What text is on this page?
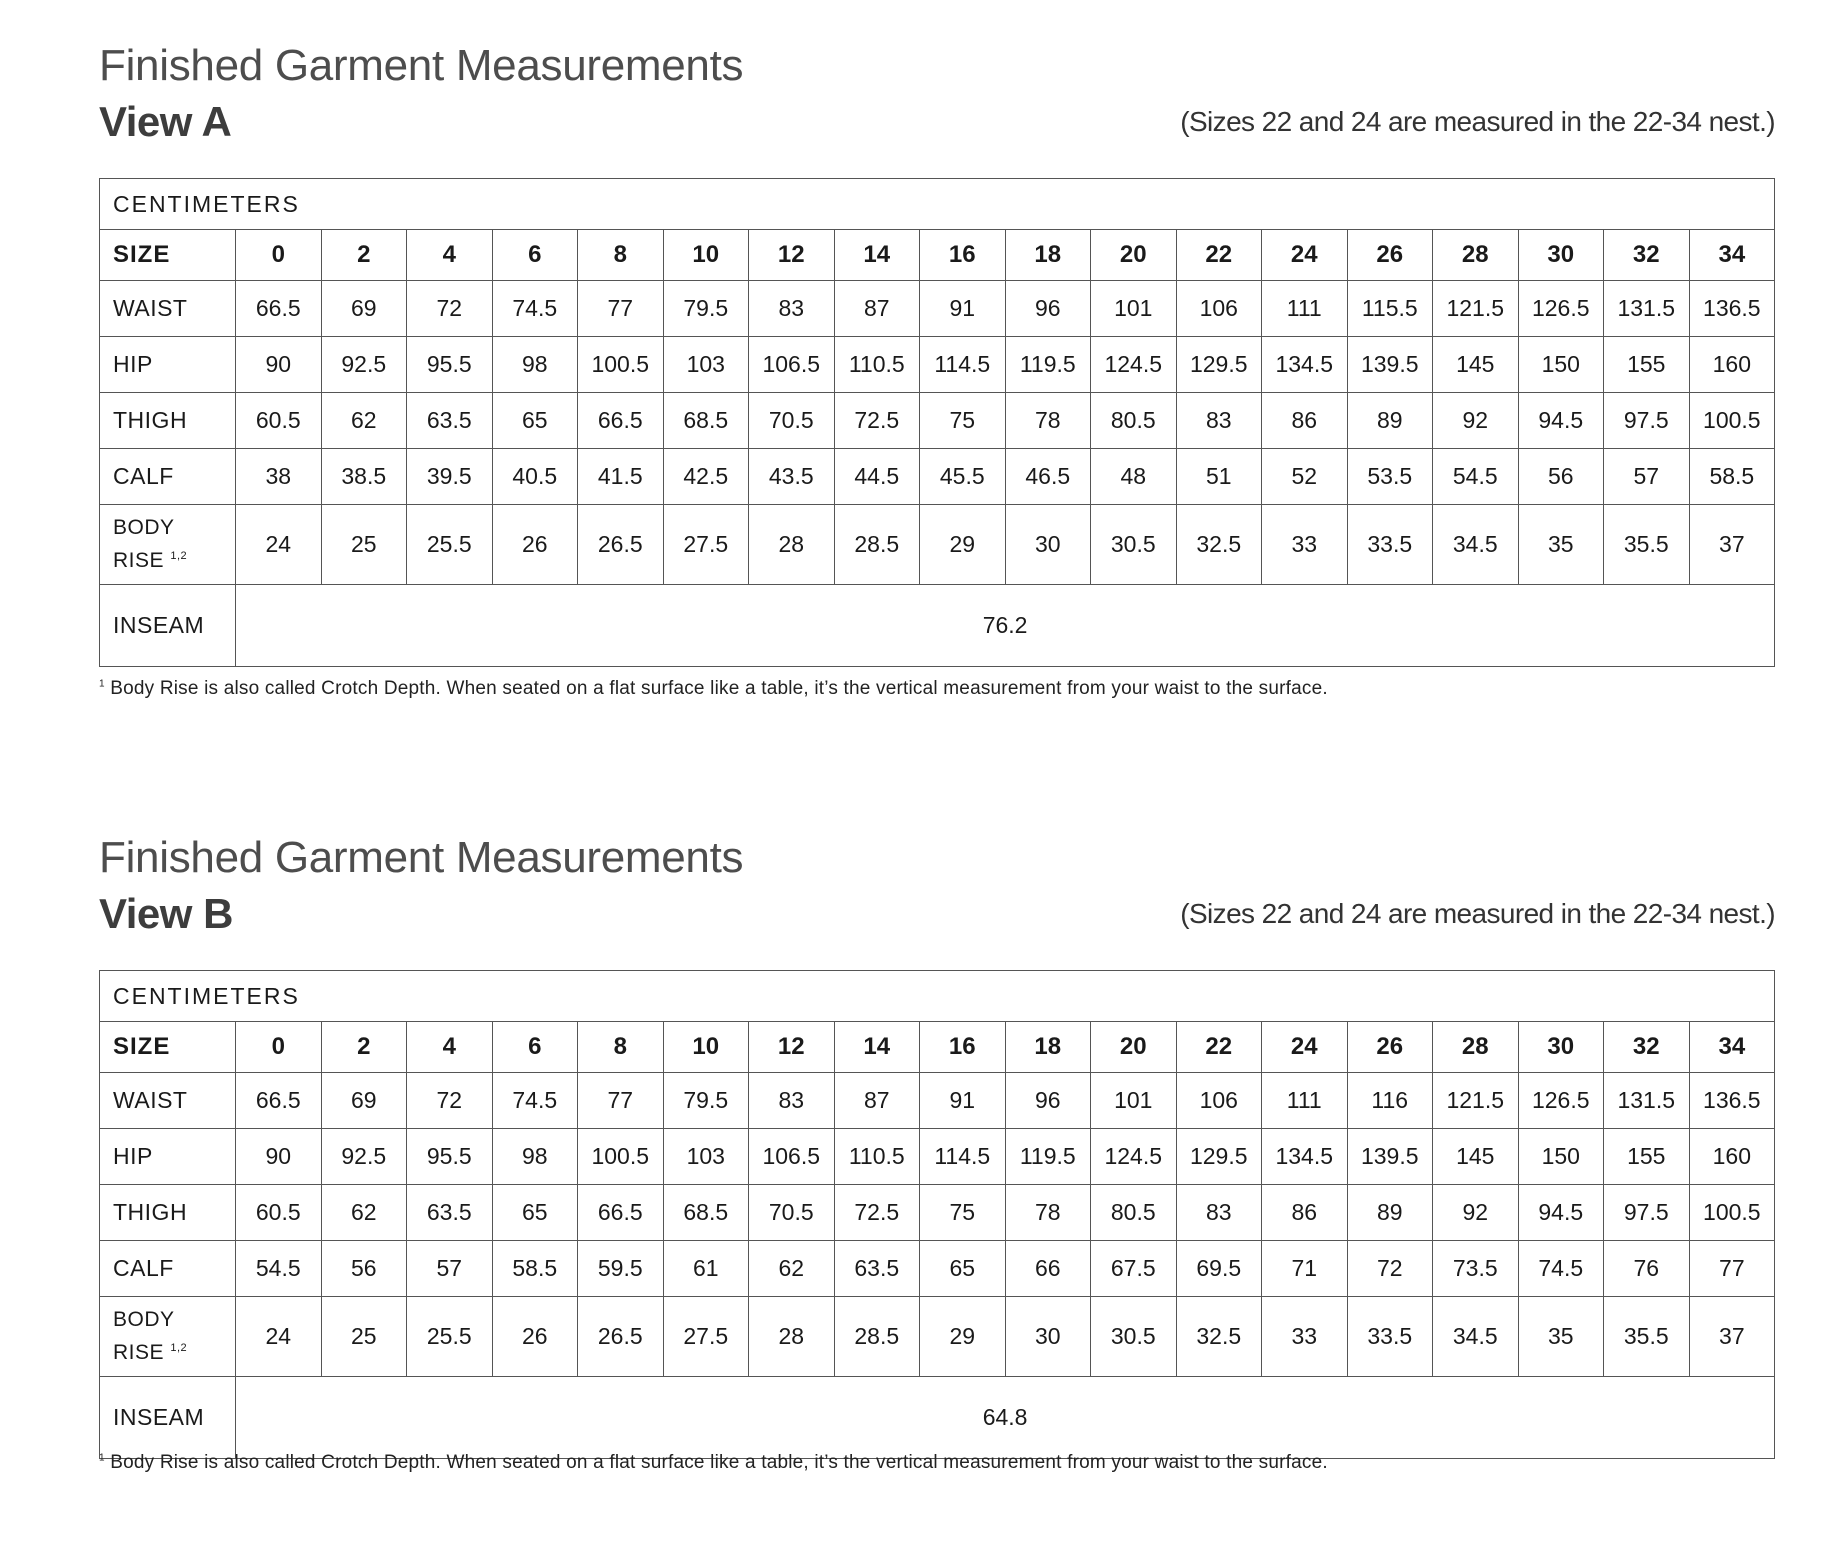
Finished Garment Measurements
View A	(Sizes 22 and 24 are measured in the 22-34 nest.)
CENTIMETERS																		
SIZE	0	2	4	6	8	10	12	14	16	18	20	22	24	26	28	30	32	34
WAIST	66.5	69	72	74.5	77	79.5	83	87	91	96	101	106	111	115.5	121.5	126.5	131.5	136.5
HIP	90	92.5	95.5	98	100.5	103	106.5	110.5	114.5	119.5	124.5	129.5	134.5	139.5	145	150	155	160
THIGH	60.5	62	63.5	65	66.5	68.5	70.5	72.5	75	78	80.5	83	86	89	92	94.5	97.5	100.5
CALF	38	38.5	39.5	40.5	41.5	42.5	43.5	44.5	45.5	46.5	48	51	52	53.5	54.5	56	57	58.5
BODY
RISE $^{1,2}$	24	25	25.5	26	26.5	27.5	28	28.5	29	30	30.5	32.5	33	33.5	34.5	35	35.5	37
INSEAM	76.2																	
$^1$ Body Rise is also called Crotch Depth. When seated on a flat surface like a table, it’s the vertical measurement from your waist to the surface.
Finished Garment Measurements
View B	(Sizes 22 and 24 are measured in the 22-34 nest.)
CENTIMETERS																		
SIZE	0	2	4	6	8	10	12	14	16	18	20	22	24	26	28	30	32	34
WAIST	66.5	69	72	74.5	77	79.5	83	87	91	96	101	106	111	116	121.5	126.5	131.5	136.5
HIP	90	92.5	95.5	98	100.5	103	106.5	110.5	114.5	119.5	124.5	129.5	134.5	139.5	145	150	155	160
THIGH	60.5	62	63.5	65	66.5	68.5	70.5	72.5	75	78	80.5	83	86	89	92	94.5	97.5	100.5
CALF	54.5	56	57	58.5	59.5	61	62	63.5	65	66	67.5	69.5	71	72	73.5	74.5	76	77
BODY
RISE $^{1,2}$	24	25	25.5	26	26.5	27.5	28	28.5	29	30	30.5	32.5	33	33.5	34.5	35	35.5	37
INSEAM	64.8																	
$^1$ Body Rise is also called Crotch Depth. When seated on a flat surface like a table, it’s the vertical measurement from your waist to the surface.
